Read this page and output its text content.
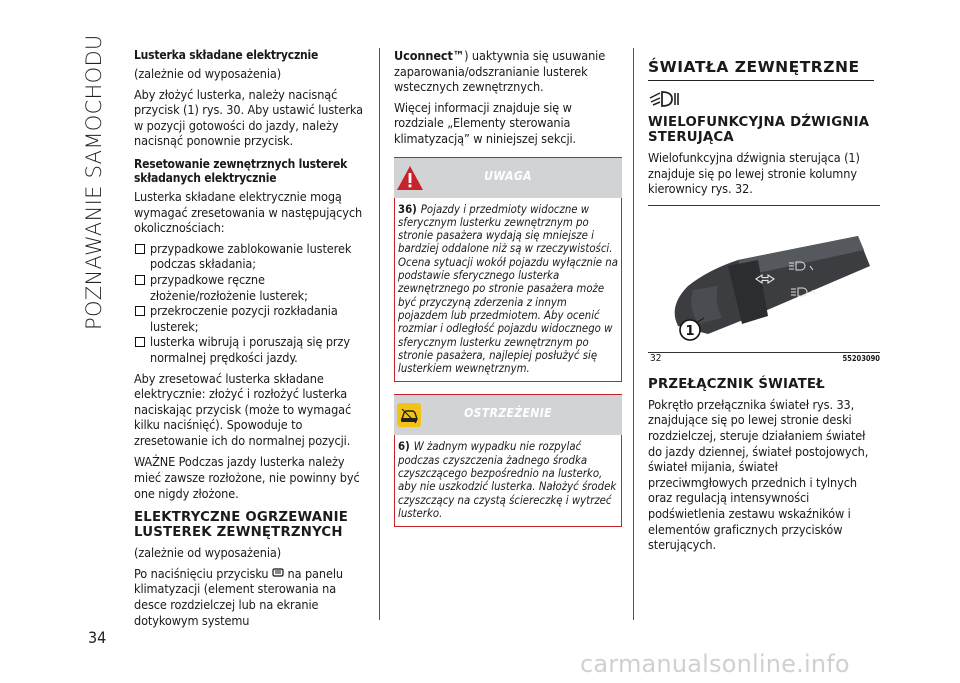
POZNAWANIE SAMOCHODU
34
Lusterka składane elektrycznie

(zależnie od wyposażenia)

Aby złożyć lusterka, należy nacisnąć przycisk (1) rys. 30. Aby ustawić lusterka w pozycji gotowości do jazdy, należy nacisnąć ponownie przycisk.

Resetowanie zewnętrznych lusterek składanych elektrycznie

Lusterka składane elektrycznie mogą wymagać zresetowania w następujących okolicznościach:

przypadkowe zablokowanie lusterek podczas składania;

przypadkowe ręczne złożenie/rozłożenie lusterek;

przekroczenie pozycji rozkładania lusterek;

lusterka wibrują i poruszają się przy normalnej prędkości jazdy.

Aby zresetować lusterka składane elektrycznie: złożyć i rozłożyć lusterka naciskając przycisk (może to wymagać kilku naciśnięć). Spowoduje to zresetowanie ich do normalnej pozycji.

WAŻNE Podczas jazdy lusterka należy mieć zawsze rozłożone, nie powinny być one nigdy złożone.

ELEKTRYCZNE OGRZEWANIE LUSTEREK ZEWNĘTRZNYCH

(zależnie od wyposażenia)

Po naciśnięciu przycisku na panelu klimatyzacji (element sterowania na desce rozdzielczej lub na ekranie dotykowym systemu

Uconnect™) uaktywnia się usuwanie zaparowania/odszranianie lusterek wstecznych zewnętrznych.

Więcej informacji znajduje się w rozdziale „Elementy sterowania klimatyzacją” w niniejszej sekcji.

UWAGA
36) Pojazdy i przedmioty widoczne w sferycznym lusterku zewnętrznym po stronie pasażera wydają się mniejsze i bardziej oddalone niż są w rzeczywistości. Ocena sytuacji wokół pojazdu wyłącznie na podstawie sferycznego lusterka zewnętrznego po stronie pasażera może być przyczyną zderzenia z innym pojazdem lub przedmiotem. Aby ocenić rozmiar i odległość pojazdu widocznego w sferycznym lusterku zewnętrznym po stronie pasażera, najlepiej posłużyć się lusterkiem wewnętrznym.
OSTRZEŻENIE
6) W żadnym wypadku nie rozpylać podczas czyszczenia żadnego środka czyszczącego bezpośrednio na lusterko, aby nie uszkodzić lusterka. Nałożyć środek czyszczący na czystą ściereczkę i wytrzeć lusterko.
ŚWIATŁA ZEWNĘTRZNE
WIELOFUNKCYJNA DŹWIGNIA STERUJĄCA

Wielofunkcyjna dźwignia sterująca (1) znajduje się po lewej stronie kolumny kierownicy rys. 32.

1
32	55203090
PRZEŁĄCZNIK ŚWIATEŁ

Pokrętło przełącznika świateł rys. 33, znajdujące się po lewej stronie deski rozdzielczej, steruje działaniem świateł do jazdy dziennej, świateł postojowych, świateł mijania, świateł przeciwmgłowych przednich i tylnych oraz regulacją intensywności podświetlenia zestawu wskaźników i elementów graficznych przycisków sterujących.

carmanualsonline.info
